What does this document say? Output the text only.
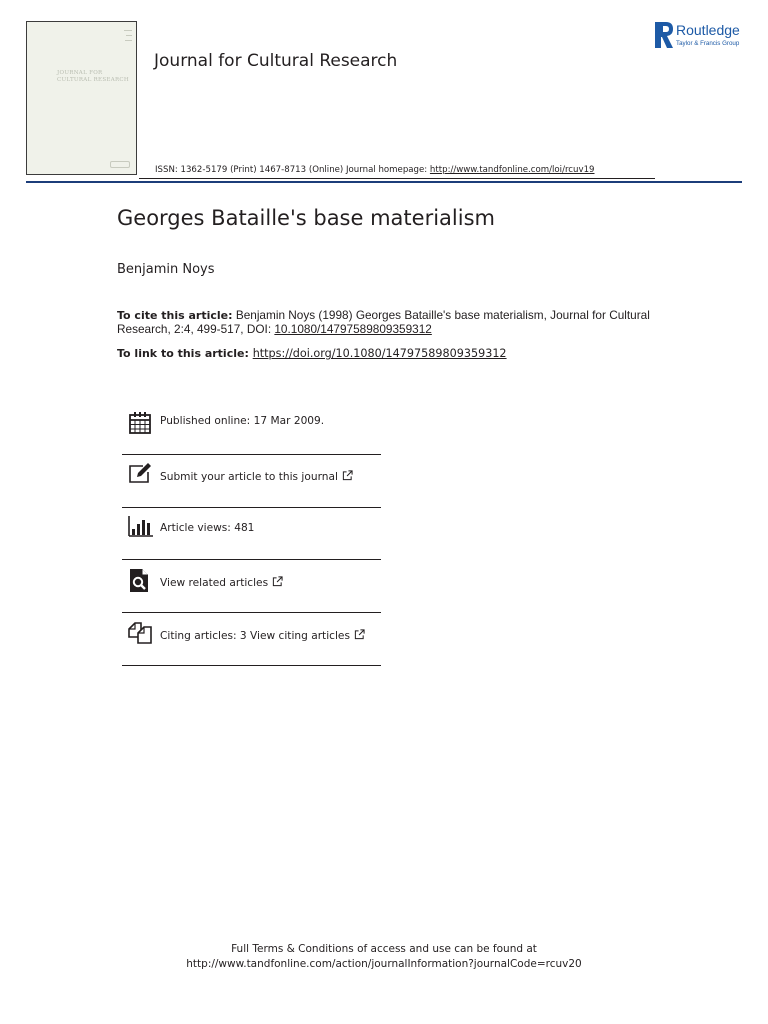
JOURNAL FOR
CULTURAL RESEARCH
Journal for Cultural Research
ISSN: 1362-5179 (Print) 1467-8713 (Online) Journal homepage: http://www.tandfonline.com/loi/rcuv19
Routledge
Taylor & Francis Group
Georges Bataille's base materialism
Benjamin Noys
To cite this article: Benjamin Noys (1998) Georges Bataille's base materialism, Journal for Cultural Research, 2:4, 499-517, DOI: 10.1080/14797589809359312
To link to this article: https://doi.org/10.1080/14797589809359312
Published online: 17 Mar 2009.
Submit your article to this journal
Article views: 481
View related articles
Citing articles: 3 View citing articles
Full Terms & Conditions of access and use can be found at
http://www.tandfonline.com/action/journalInformation?journalCode=rcuv20
